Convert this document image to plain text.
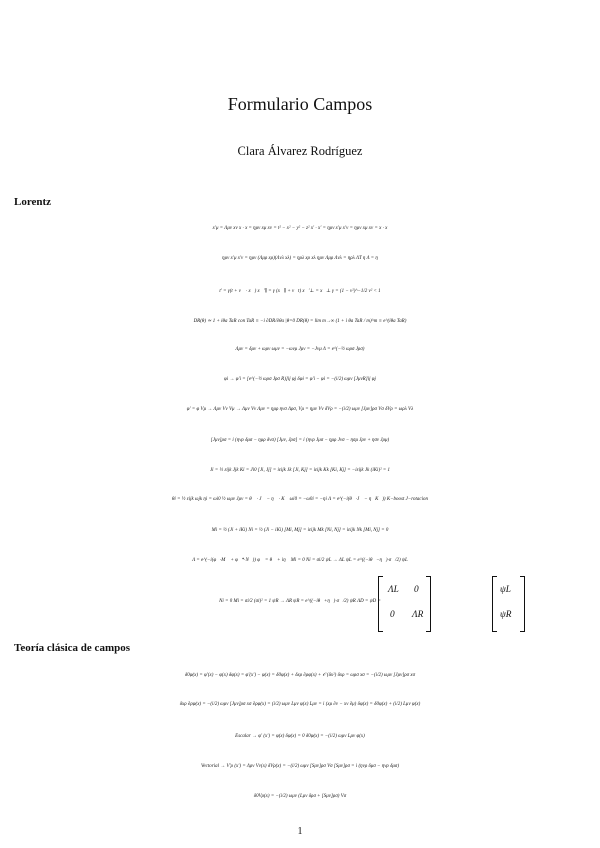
Formulario Campos
Clara Álvarez Rodríguez
Lorentz
x′μ = Λμν xν x · x = ημν xμ xν = t² − x² − y² − z² x′ · x′ = ημν x′μ x′ν = ημν xμ xν = x · x
ημν x′μ x′ν = ημν (Λμρ xρ)(Λνλ xλ) = ηρλ xρ xλ ημν Λμρ Λνλ = ηρλ ΛT η Λ = η
t′ = γ(t + v⃗ · x⃗) x⃗′∥ = γ (x⃗∥ + v⃗t) x⃗′⊥ = x⃗⊥ γ = (1 − v²)^−1/2 v² < 1
DR(θ) ≃ 1 + iθa TaR con TaR ≡ −i ∂DR/∂θa |θ=0 DR(θ) = lim m→∞ (1 + i θa TaR / m)^m ≡ e^(iθa TaR)
Λμν = δμν + ωμν ωμν = −ωνμ Jμν = −Jνμ Λ = e^(−½ ωρσ Jρσ)
φi → φ′i = [e^(−½ ωρσ Jρσ R)]ij φj δφi = φ′i − φi = −(i/2) ωμν [JμνR]ij φj
φ′ = φ Vμ → Λμν Vν Vμ → Λμν Vν Λμν = ημρ ηνσ Λρσ, Vμ = ημν Vν δVρ = −(i/2) ωμν [Jμν]ρσ Vσ δVρ = ωρλ Vλ
[Jμν]ρσ = i (ηνρ δμσ − ημρ δνσ) [Jμν, Jρσ] = i (ηνρ Jμσ − ημρ Jνσ − ησμ Jρν + ησν Jρμ)
Ji = ½ εijk Jjk Ki = Ji0 [Ji, Jj] = iεijk Jk [Ji, Kj] = iεijk Kk [Ki, Kj] = −iεijk Jk (iKi)² = 1
θi = ½ εijk ωjk ηi = ωi0 ½ ωμν Jμν = θ⃗ · J⃗ − η⃗ · K⃗ ωi0 = −ω0i = −ηi Λ = e^(−i(θ⃗·J⃗ − η⃗K⃗)) K−boost J−rotacion
Mi = ½ (Ji + iKi) Ni = ½ (Ji − iKi) [Mi, Mj] = iεijk Mk [Ni, Nj] = iεijk Nk [Mi, Nj] = 0
Λ = e^(−i(φ⃗·M⃗ + φ⃗*·N⃗)) φ⃗ = θ⃗ + iη⃗ Mi = 0 Ni = σi/2 ψL → ΛL ψL = e^((−iθ⃗−η⃗)·σ⃗/2) ψL
Ni = 0 Mi = σi/2 (σi)² = 1 ψR → ΛR ψR = e^((−iθ⃗+η⃗)·σ⃗/2) ψR ΛD = ψD =
ΛL 0
0 ΛR
ψL
ψR
Teoría clásica de campos
δ0φ(x) = φ′(x) − φ(x) δφ(x) = φ′(x′) − φ(x) = δ0φ(x) + δxρ ∂ρφ(x) + 𝒪 (δx²) δxρ = ωρσ xσ = −(i/2) ωμν [Jμν]ρσ xσ
δxρ ∂ρφ(x) = −(i/2) ωμν [Jμν]ρσ xσ ∂ρφ(x) = (i/2) ωμν Lμν φ(x) Lμν = i (xμ ∂ν − xν ∂μ) δφ(x) = δ0φ(x) + (i/2) Lμν φ(x)
Escalar → φ′ (x′) = φ(x) δφ(x) = 0 δ0φ(x) = −(i/2) ωμν Lμν φ(x)
Vectorial → V′ρ (x′) = Λρν Vν(x) δVρ(x) = −(i/2) ωμν [Sμν]ρσ Vσ [Sμν]ρσ = i (ηνρ δμσ − ηνρ δμσ)
δ0Vρ(x) = −(i/2) ωμν (Lμν δρσ + [Sμν]ρσ) Vσ
1
